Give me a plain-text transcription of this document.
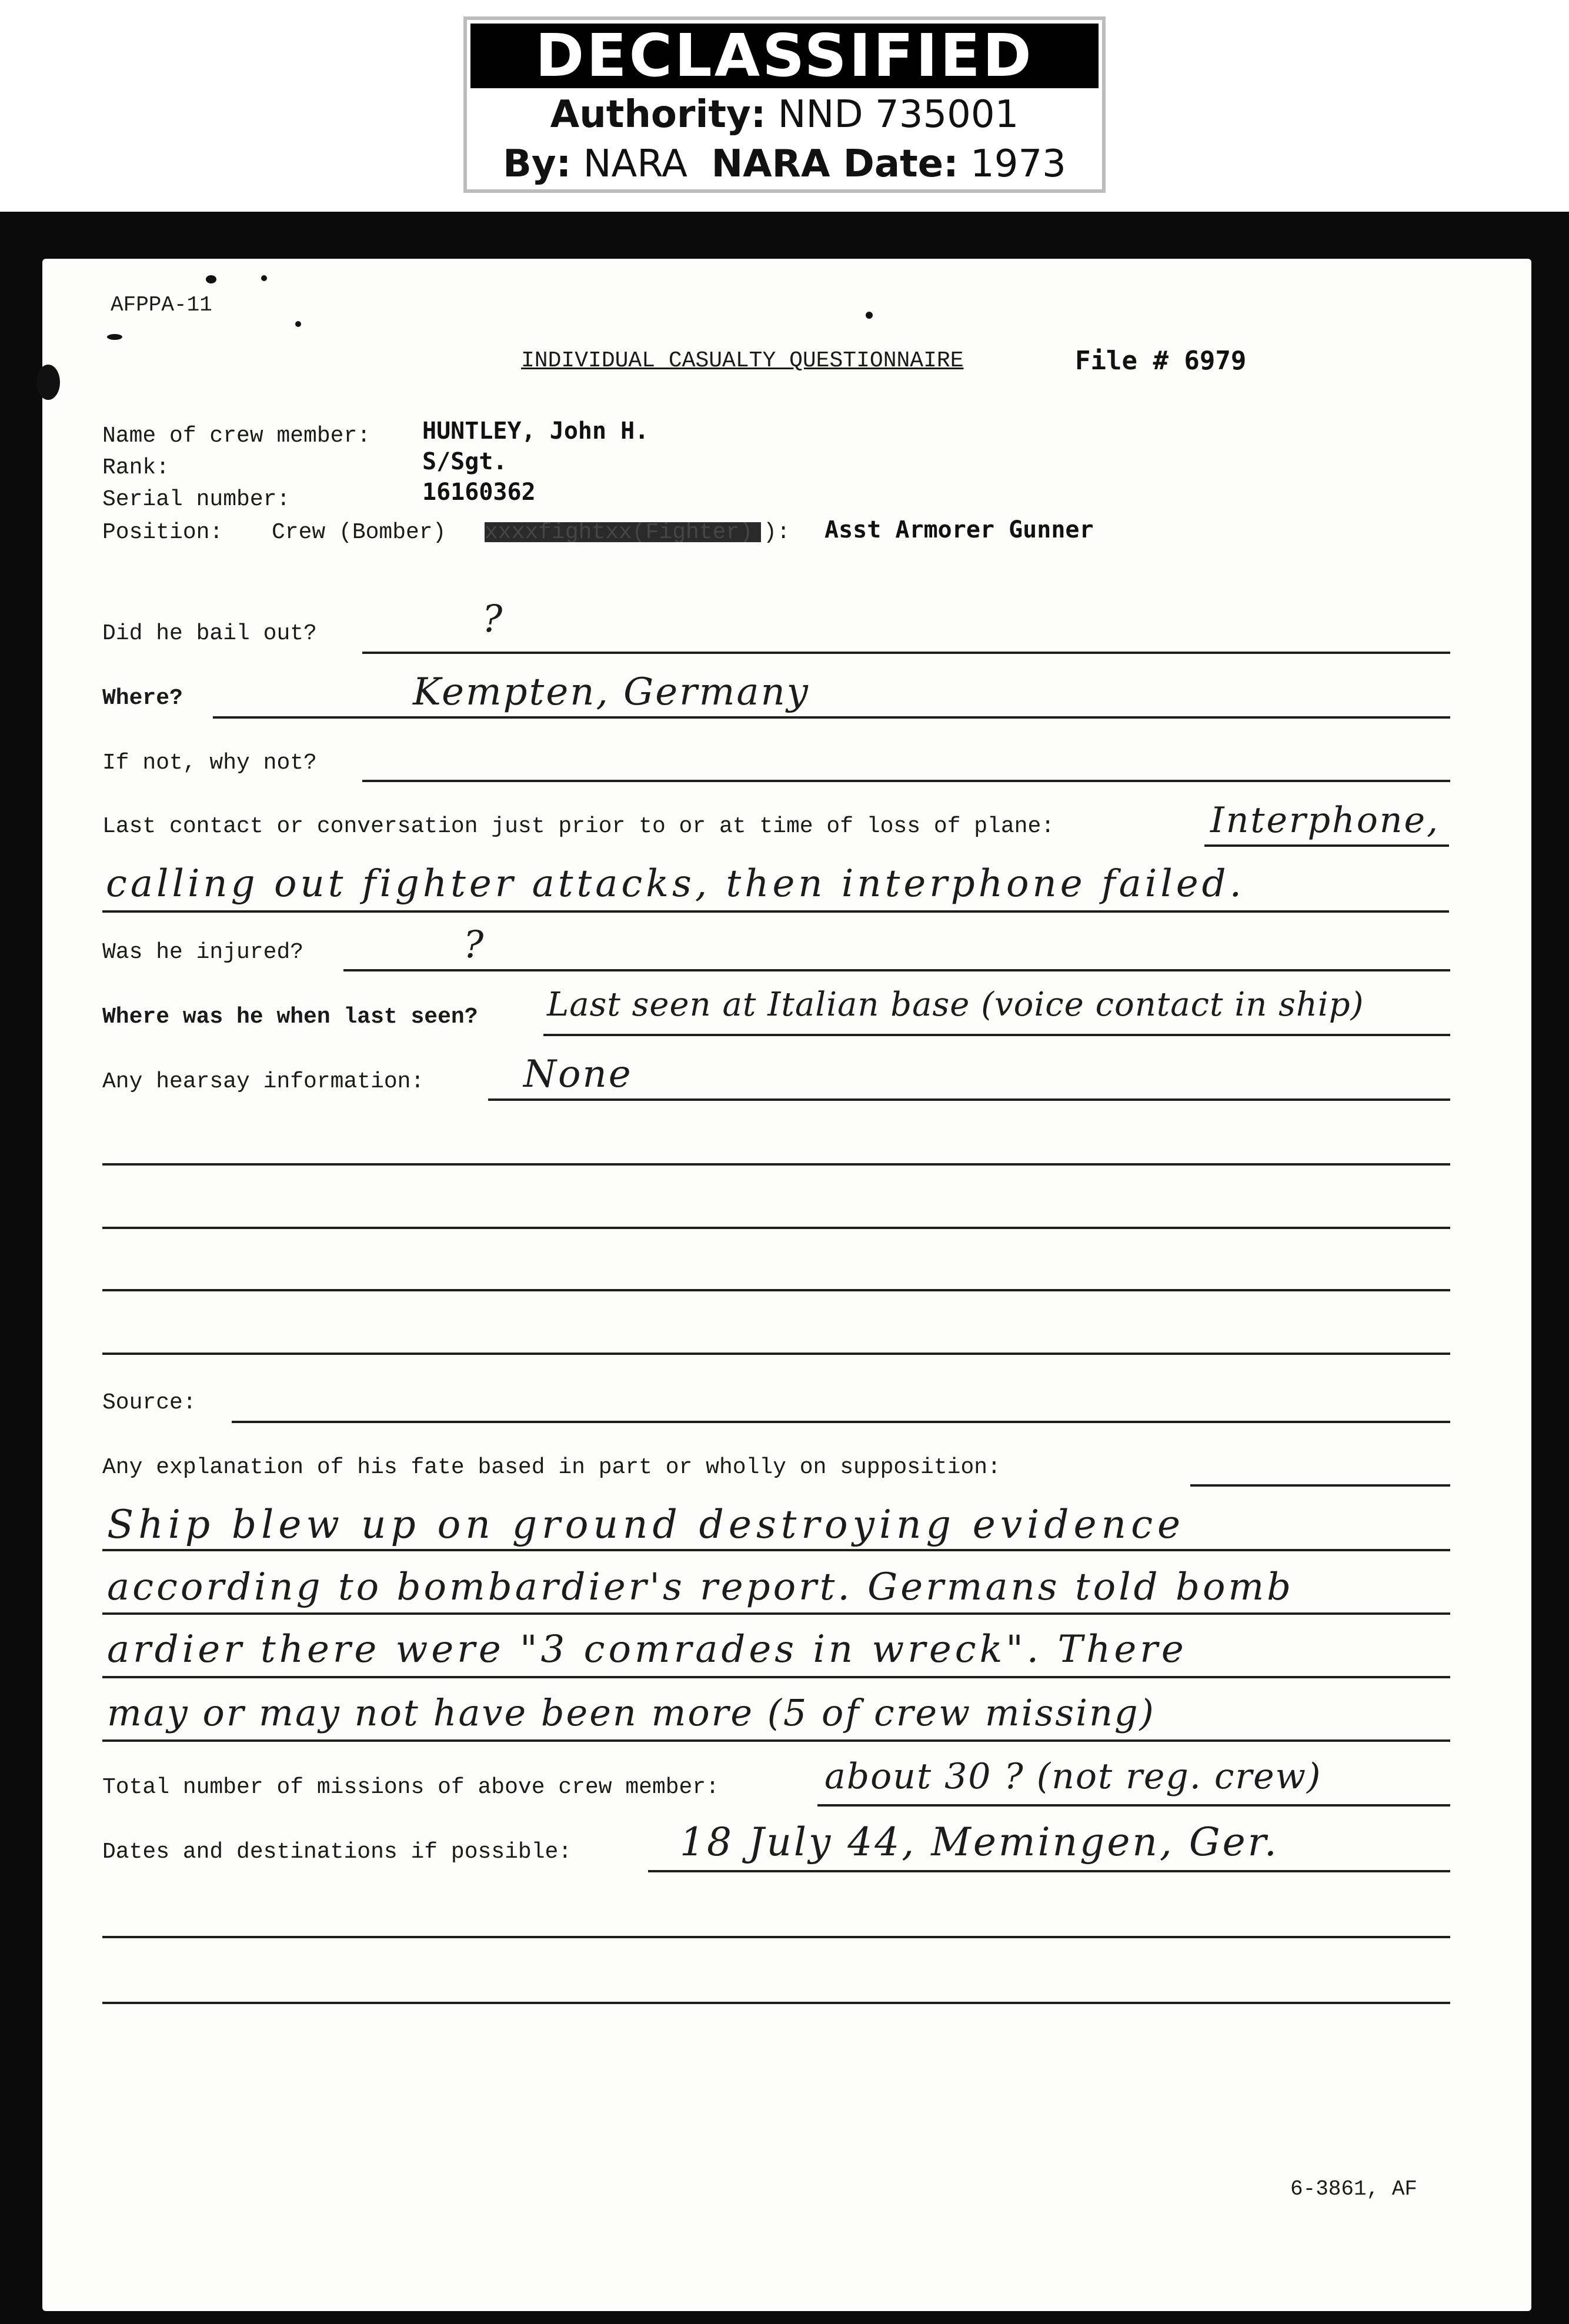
DECLASSIFIED
Authority: NND 735001
By: NARA NARA Date: 1973
AFPPA-11
INDIVIDUAL CASUALTY QUESTIONNAIRE	File # 6979
Name of crew member: HUNTLEY, John H.
Rank:	S/Sgt.
Serial number:	16160362
Position: Crew (Bomber) xxxxfightxx(Fighter) ): Asst Armorer Gunner
Did he bail out?	?
Where?	Kempten, Germany
If not, why not?
Last contact or conversation just prior to or at time of loss of plane:	Interphone,
calling out fighter attacks, then interphone failed.
Was he injured?	?
Where was he when last seen? Last seen at Italian base (voice contact in ship)
Any hearsay information:	None
Source:
Any explanation of his fate based in part or wholly on supposition:
Ship blew up on ground destroying evidence
according to bombardier's report. Germans told bomb
ardier there were "3 comrades in wreck". There
may or may not have been more (5 of crew missing)
Total number of missions of above crew member:	about 30 ? (not reg. crew)
Dates and destinations if possible:	18 July 44, Memingen, Ger.
6-3861, AF
